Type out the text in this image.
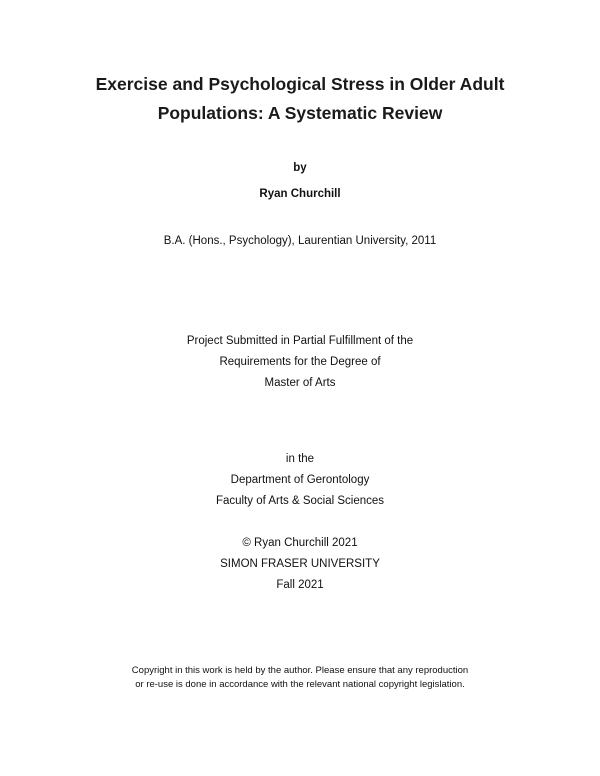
Exercise and Psychological Stress in Older Adult
Populations: A Systematic Review
by
Ryan Churchill
B.A. (Hons., Psychology), Laurentian University, 2011
Project Submitted in Partial Fulfillment of the
Requirements for the Degree of
Master of Arts
in the
Department of Gerontology
Faculty of Arts & Social Sciences
© Ryan Churchill 2021
SIMON FRASER UNIVERSITY
Fall 2021
Copyright in this work is held by the author. Please ensure that any reproduction
or re-use is done in accordance with the relevant national copyright legislation.
